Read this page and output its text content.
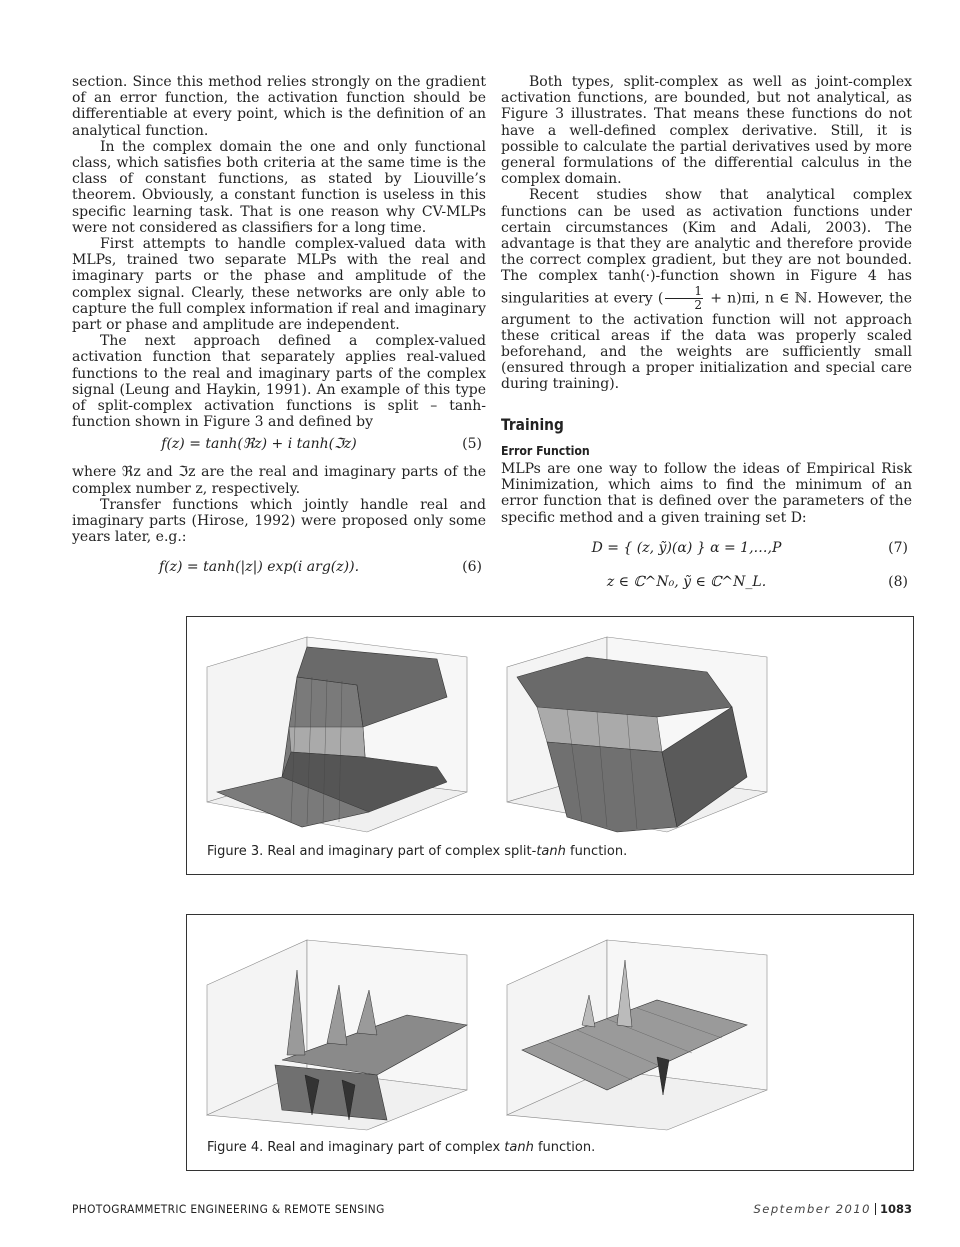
section. Since this method relies strongly on the gradient of an error function, the activation function should be differentiable at every point, which is the definition of an analytical function.

In the complex domain the one and only functional class, which satisfies both criteria at the same time is the class of constant functions, as stated by Liouville’s theorem. Obviously, a constant function is useless in this specific learning task. That is one reason why CV-MLPs were not considered as classifiers for a long time.

First attempts to handle complex-valued data with MLPs, trained two separate MLPs with the real and imaginary parts or the phase and amplitude of the complex signal. Clearly, these networks are only able to capture the full complex information if real and imaginary part or phase and amplitude are independent.

The next approach defined a complex-valued activation function that separately applies real-valued functions to the real and imaginary parts of the complex signal (Leung and Haykin, 1991). An example of this type of split-complex activation functions is split – tanh-function shown in Figure 3 and defined by

f(z) = tanh(ℜz) + i tanh(ℑz)	(5)

where ℜz and ℑz are the real and imaginary parts of the complex number z, respectively.

Transfer functions which jointly handle real and imaginary parts (Hirose, 1992) were proposed only some years later, e.g.:

f(z) = tanh(|z|) exp(i arg(z)).	(6)

Both types, split-complex as well as joint-complex activation functions, are bounded, but not analytical, as Figure 3 illustrates. That means these functions do not have a well-defined complex derivative. Still, it is possible to calculate the partial derivatives used by more general formulations of the differential calculus in the complex domain.

Recent studies show that analytical complex functions can be used as activation functions under certain circumstances (Kim and Adali, 2003). The advantage is that they are analytic and therefore provide the correct complex gradient, but they are not bounded. The complex tanh(·)-function shown in Figure 4 has singularities at every ( $\frac{1}{2} + n)\pi i$, n ∈ ℕ. However, the argument to the activation function will not approach these critical areas if the data was properly scaled beforehand, and the weights are sufficiently small (ensured through a proper initialization and special care during training).

Training
Error Function

MLPs are one way to follow the ideas of Empirical Risk Minimization, which aims to find the minimum of an error function that is defined over the parameters of the specific method and a given training set D:

D = { (z, ỹ)(α) } α = 1,…,P	(7)
z ∈ ℂ^N₀, ỹ ∈ ℂ^N_L.	(8)
Figure 3. Real and imaginary part of complex split-tanh function.
Figure 4. Real and imaginary part of complex tanh function.
PHOTOGRAMMETRIC ENGINEERING & REMOTE SENSING	September 2010 1083
